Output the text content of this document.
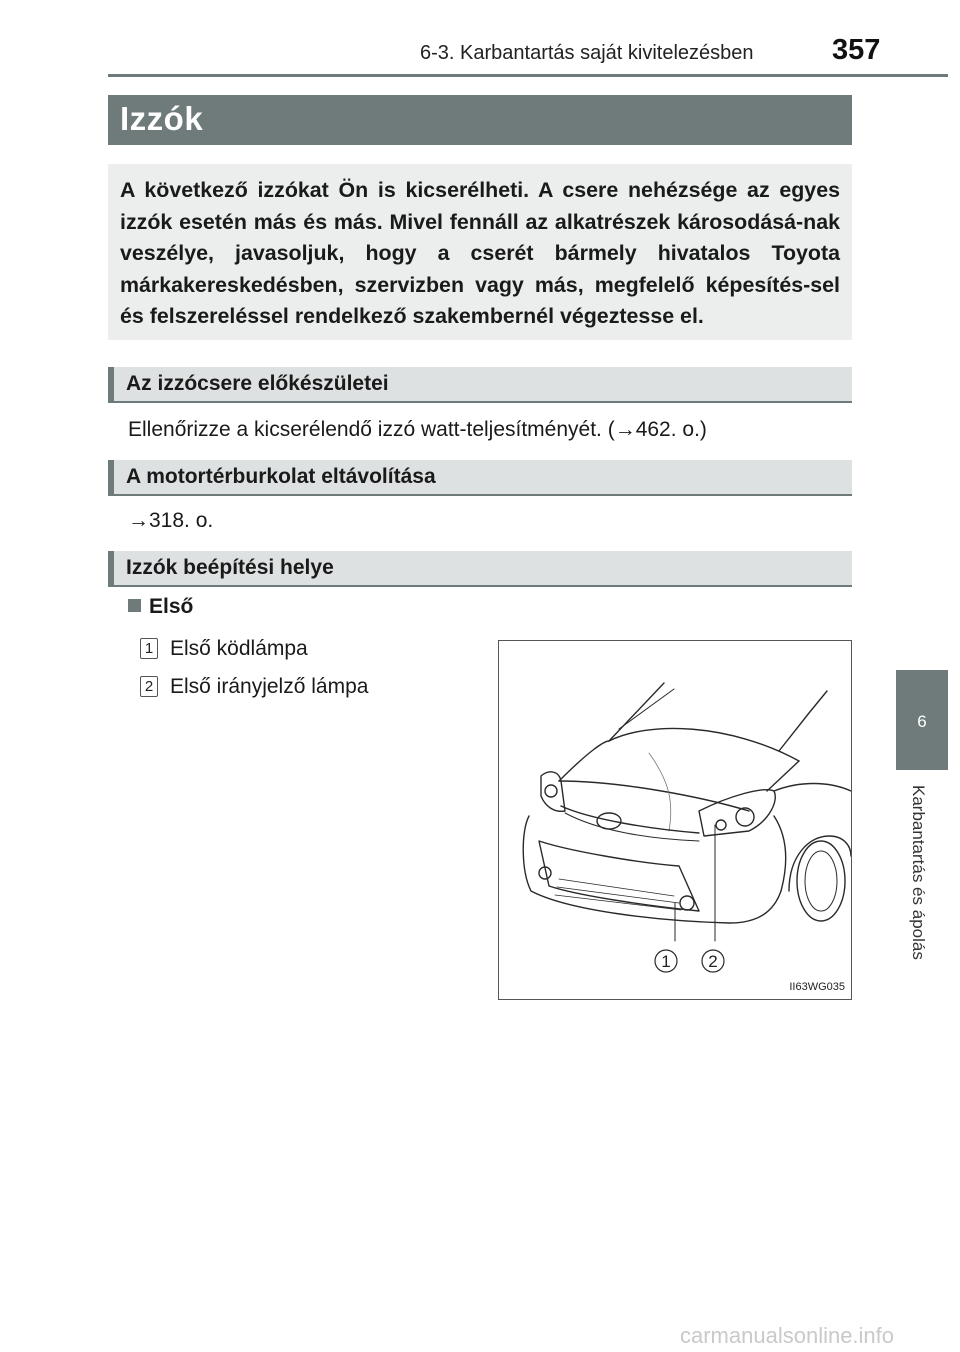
6-3. Karbantartás saját kivitelezésben	357
Izzók
A következő izzókat Ön is kicserélheti. A csere nehézsége az egyes izzók esetén más és más. Mivel fennáll az alkatrészek károsodásá-nak veszélye, javasoljuk, hogy a cserét bármely hivatalos Toyota márkakereskedésben, szervizben vagy más, megfelelő képesítés-sel és felszereléssel rendelkező szakembernél végeztesse el.
Az izzócsere előkészületei
Ellenőrizze a kicserélendő izzó watt-teljesítményét. (→462. o.)
A motortérburkolat eltávolítása
→318. o.
Izzók beépítési helye
Első
1 Első ködlámpa
2 Első irányjelző lámpa
1 2
II63WG035
6
Karbantartás és ápolás
carmanualsonline.info
